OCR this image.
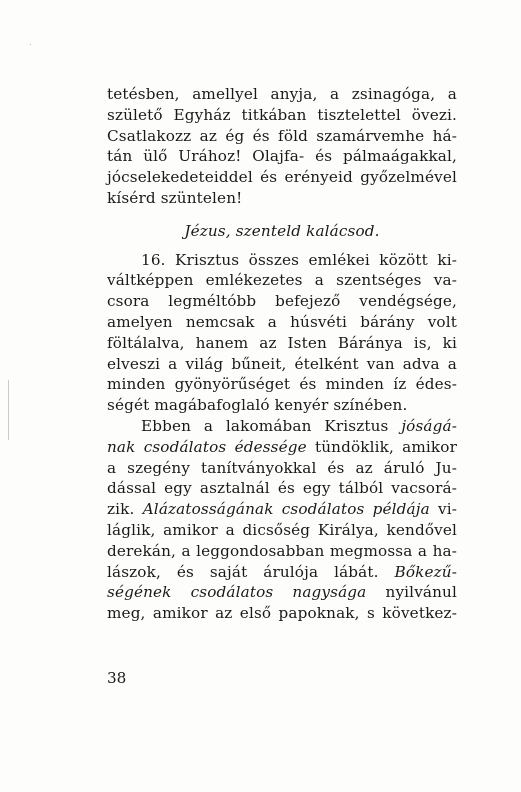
tetésben, amellyel anyja, a zsinagóga, a
születő Egyház titkában tisztelettel övezi.
Csatlakozz az ég és föld szamárvemhe há-
tán ülő Urához! Olajfa- és pálmaágakkal,
jócselekedeteiddel és erényeid győzelmével
kísérd szüntelen!
Jézus, szenteld kalácsod.
16. Krisztus összes emlékei között ki-
váltképpen emlékezetes a szentséges va-
csora legméltóbb befejező vendégsége,
amelyen nemcsak a húsvéti bárány volt
föltálalva, hanem az Isten Báránya is, ki
elveszi a világ bűneit, ételként van adva a
minden gyönyörűséget és minden íz édes-
ségét magábafoglaló kenyér színében.
Ebben a lakomában Krisztus jóságá-
nak csodálatos édessége tündöklik, amikor
a szegény tanítványokkal és az áruló Ju-
dással egy asztalnál és egy tálból vacsorá-
zik. Alázatosságának csodálatos példája vi-
láglik, amikor a dicsőség Királya, kendővel
derekán, a leggondosabban megmossa a ha-
lászok, és saját árulója lábát. Bőkezű-
ségének csodálatos nagysága nyilvánul
meg, amikor az első papoknak, s következ-
38
